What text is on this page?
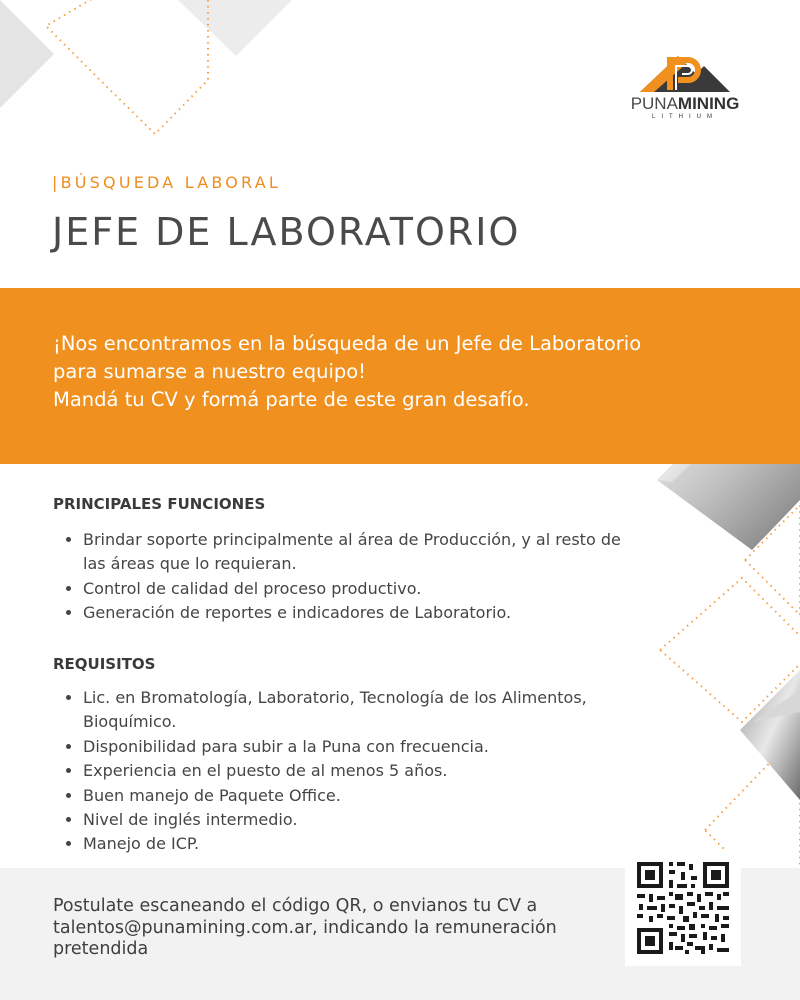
PUNAMINING
LITHIUM
|BÚSQUEDA LABORAL
JEFE DE LABORATORIO
¡Nos encontramos en la búsqueda de un Jefe de Laboratorio
para sumarse a nuestro equipo!
Mandá tu CV y formá parte de este gran desafío.
PRINCIPALES FUNCIONES
• Brindar soporte principalmente al área de Producción, y al resto de las áreas que lo requieran.
• Control de calidad del proceso productivo.
• Generación de reportes e indicadores de Laboratorio.
REQUISITOS
• Lic. en Bromatología, Laboratorio, Tecnología de los Alimentos, Bioquímico.
• Disponibilidad para subir a la Puna con frecuencia.
• Experiencia en el puesto de al menos 5 años.
• Buen manejo de Paquete Office.
• Nivel de inglés intermedio.
• Manejo de ICP.
Postulate escaneando el código QR, o envianos tu CV a talentos@punamining.com.ar, indicando la remuneración pretendida
